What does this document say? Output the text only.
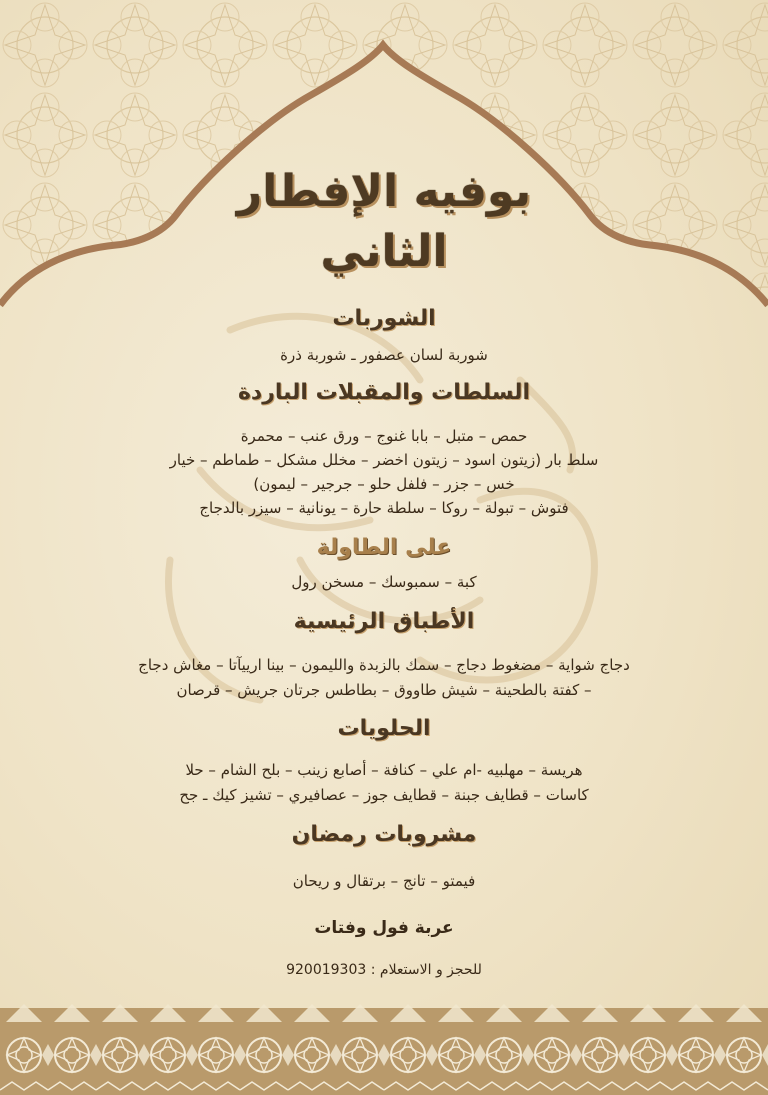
بوفيه الإفطار
الثاني
الشوربات
شوربة لسان عصفور ـ شوربة ذرة
السلطات والمقبلات الباردة
حمص – متبل – بابا غنوج – ورق عنب – محمرة
سلط بار (زيتون اسود – زيتون اخضر – مخلل مشكل – طماطم – خيار
خس – جزر – فلفل حلو – جرجير – ليمون)
فتوش – تبولة – روكا – سلطة حارة – يونانية – سيزر بالدجاج
على الطاولة
كبة – سمبوسك – مسخن رول
الأطباق الرئيسية
دجاج شواية – مضغوط دجاج – سمك بالزبدة والليمون – بينا ارييآتا – مغاش دجاج
– كفتة بالطحينة – شيش طاووق – بطاطس جرتان جريش – قرصان
الحلويات
هريسة – مهلبيه -ام علي – كنافة – أصابع زينب – بلح الشام – حلا
كاسات – قطايف جبنة – قطايف جوز – عصافيري – تشيز كيك ـ جح
مشروبات رمضان
فيمتو – تانج – برتقال و ريحان
عربة فول وفتات
للحجز و الاستعلام : 920019303
